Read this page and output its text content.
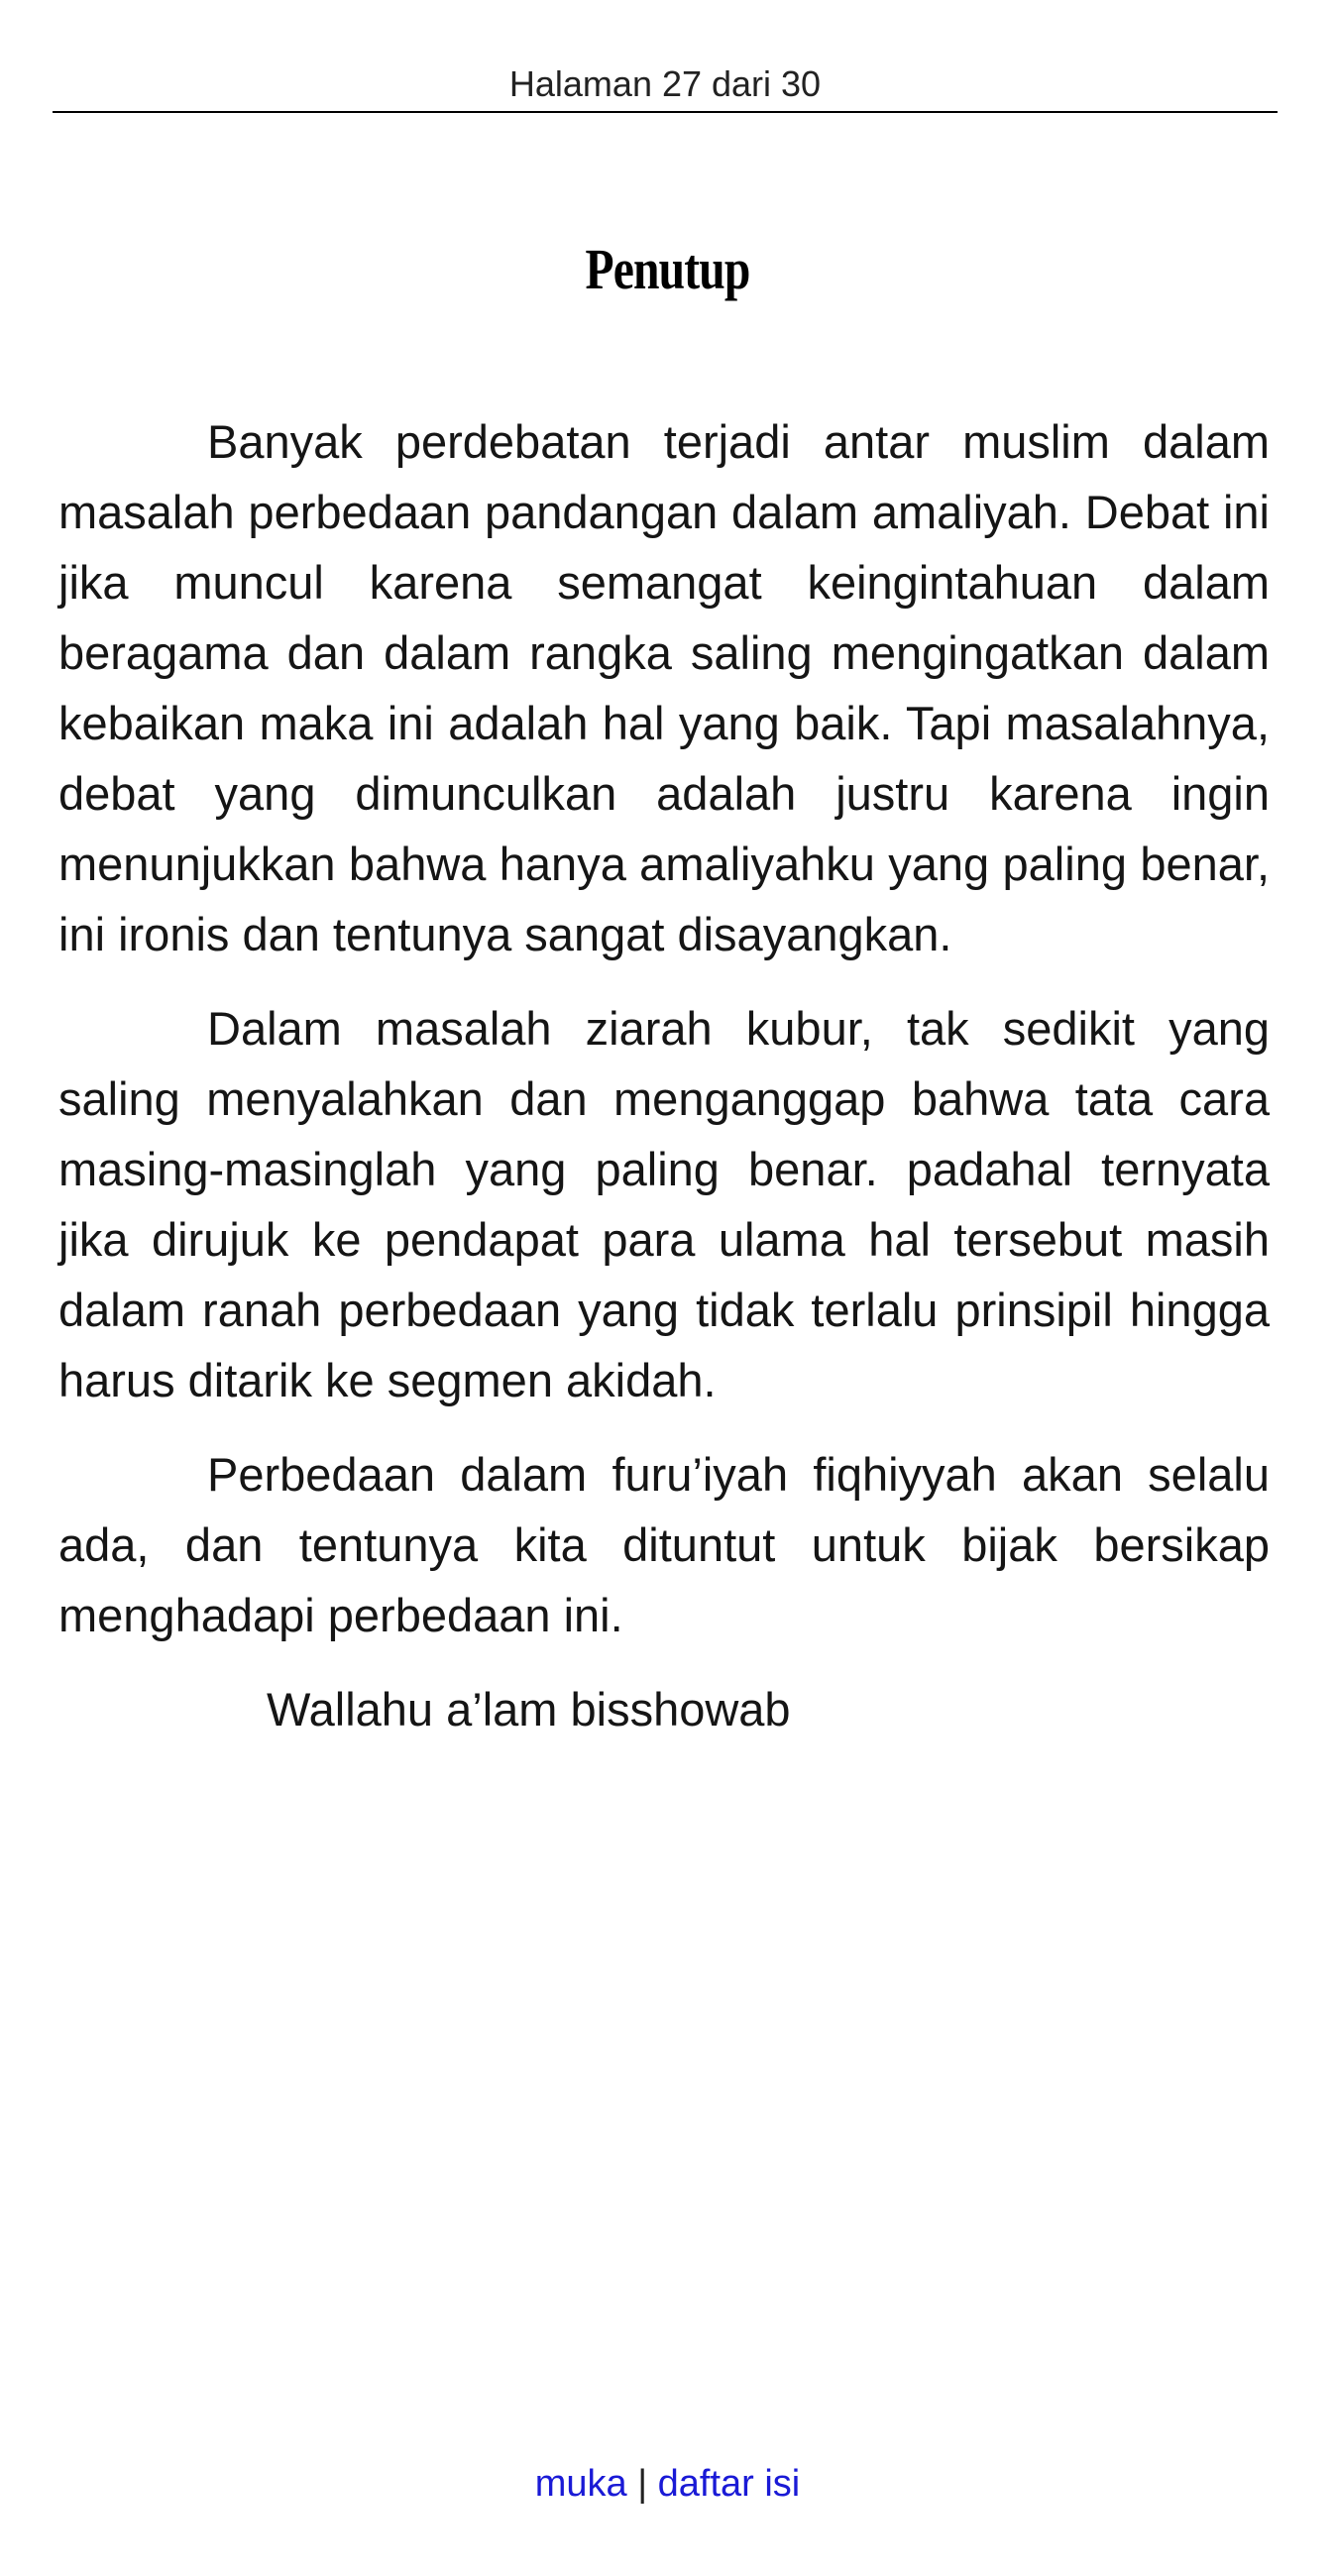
Halaman 27 dari 30
Penutup

Banyak perdebatan terjadi antar muslim dalam masalah perbedaan pandangan dalam amaliyah. Debat ini jika muncul karena semangat keingintahuan dalam beragama dan dalam rangka saling mengingatkan dalam kebaikan maka ini adalah hal yang baik. Tapi masalahnya, debat yang dimunculkan adalah justru karena ingin menunjukkan bahwa hanya amaliyahku yang paling benar, ini ironis dan tentunya sangat disayangkan.

Dalam masalah ziarah kubur, tak sedikit yang saling menyalahkan dan menganggap bahwa tata cara masing-masinglah yang paling benar. padahal ternyata jika dirujuk ke pendapat para ulama hal tersebut masih dalam ranah perbedaan yang tidak terlalu prinsipil hingga harus ditarik ke segmen akidah.

Perbedaan dalam furu’iyah fiqhiyyah akan selalu ada, dan tentunya kita dituntut untuk bijak bersikap menghadapi perbedaan ini.

Wallahu a’lam bisshowab

muka | daftar isi
